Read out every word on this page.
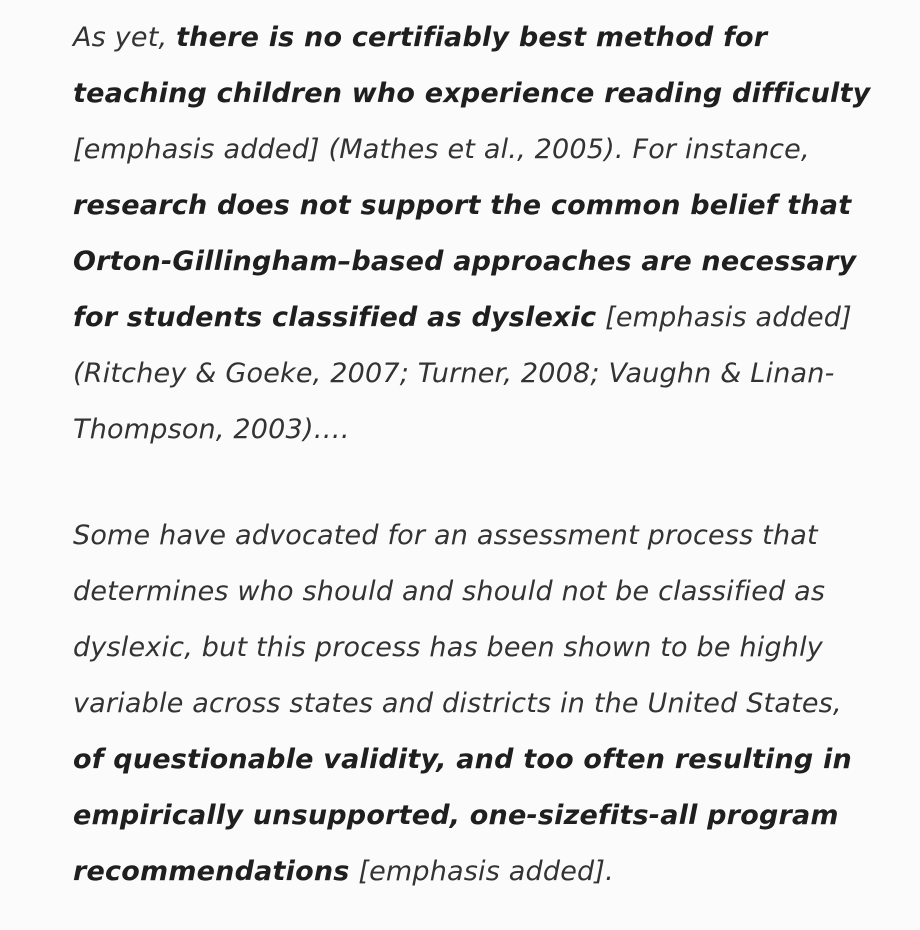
As yet, there is no certifiably best method for teaching children who experience reading difficulty [emphasis added] (Mathes et al., 2005). For instance, research does not support the common belief that Orton-Gillingham–based approaches are necessary for students classified as dyslexic [emphasis added] (Ritchey & Goeke, 2007; Turner, 2008; Vaughn & Linan-Thompson, 2003)….

Some have advocated for an assessment process that determines who should and should not be classified as dyslexic, but this process has been shown to be highly variable across states and districts in the United States, of questionable validity, and too often resulting in empirically unsupported, one-sizefits-all program recommendations [emphasis added].
